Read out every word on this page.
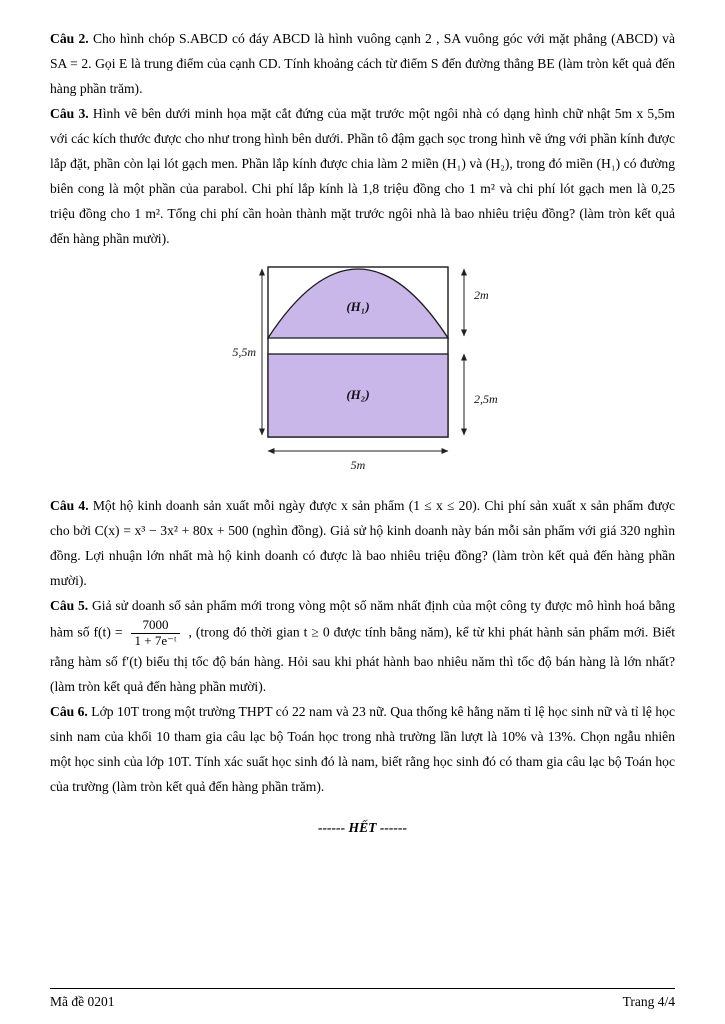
Câu 2. Cho hình chóp S.ABCD có đáy ABCD là hình vuông cạnh 2 , SA vuông góc với mặt phẳng (ABCD) và SA = 2. Gọi E là trung điểm của cạnh CD. Tính khoảng cách từ điểm S đến đường thẳng BE (làm tròn kết quả đến hàng phần trăm).

Câu 3. Hình vẽ bên dưới minh họa mặt cắt đứng của mặt trước một ngôi nhà có dạng hình chữ nhật 5m x 5,5m với các kích thước được cho như trong hình bên dưới. Phần tô đậm gạch sọc trong hình vẽ ứng với phần kính được lắp đặt, phần còn lại lót gạch men. Phần lắp kính được chia làm 2 miền (H₁) và (H₂), trong đó miền (H₁) có đường biên cong là một phần của parabol. Chi phí lắp kính là 1,8 triệu đồng cho 1 m² và chi phí lót gạch men là 0,25 triệu đồng cho 1 m². Tổng chi phí cần hoàn thành mặt trước ngôi nhà là bao nhiêu triệu đồng? (làm tròn kết quả đến hàng phần mười).

(H₁)
(H₂)
5,5m
2m
2,5m
5m

Câu 4. Một hộ kinh doanh sản xuất mỗi ngày được x sản phẩm (1 ≤ x ≤ 20). Chi phí sản xuất x sản phẩm được cho bởi C(x) = x³ − 3x² + 80x + 500 (nghìn đồng). Giả sử hộ kinh doanh này bán mỗi sản phẩm với giá 320 nghìn đồng. Lợi nhuận lớn nhất mà hộ kinh doanh có được là bao nhiêu triệu đồng? (làm tròn kết quả đến hàng phần mười).

Câu 5. Giả sử doanh số sản phẩm mới trong vòng một số năm nhất định của một công ty được mô hình hoá bằng hàm số $f(t) = \frac{7000}{\text{1 + 7e⁻ᵗ}}$ , (trong đó thời gian t ≥ 0 được tính bằng năm), kể từ khi phát hành sản phẩm mới. Biết rằng hàm số f′(t) biểu thị tốc độ bán hàng. Hỏi sau khi phát hành bao nhiêu năm thì tốc độ bán hàng là lớn nhất? (làm tròn kết quả đến hàng phần mười).

Câu 6. Lớp 10T trong một trường THPT có 22 nam và 23 nữ. Qua thống kê hằng năm tỉ lệ học sinh nữ và tỉ lệ học sinh nam của khối 10 tham gia câu lạc bộ Toán học trong nhà trường lần lượt là 10% và 13%. Chọn ngẫu nhiên một học sinh của lớp 10T. Tính xác suất học sinh đó là nam, biết rằng học sinh đó có tham gia câu lạc bộ Toán học của trường (làm tròn kết quả đến hàng phần trăm).

------ HẾT ------

Mã đề 0201	Trang 4/4
